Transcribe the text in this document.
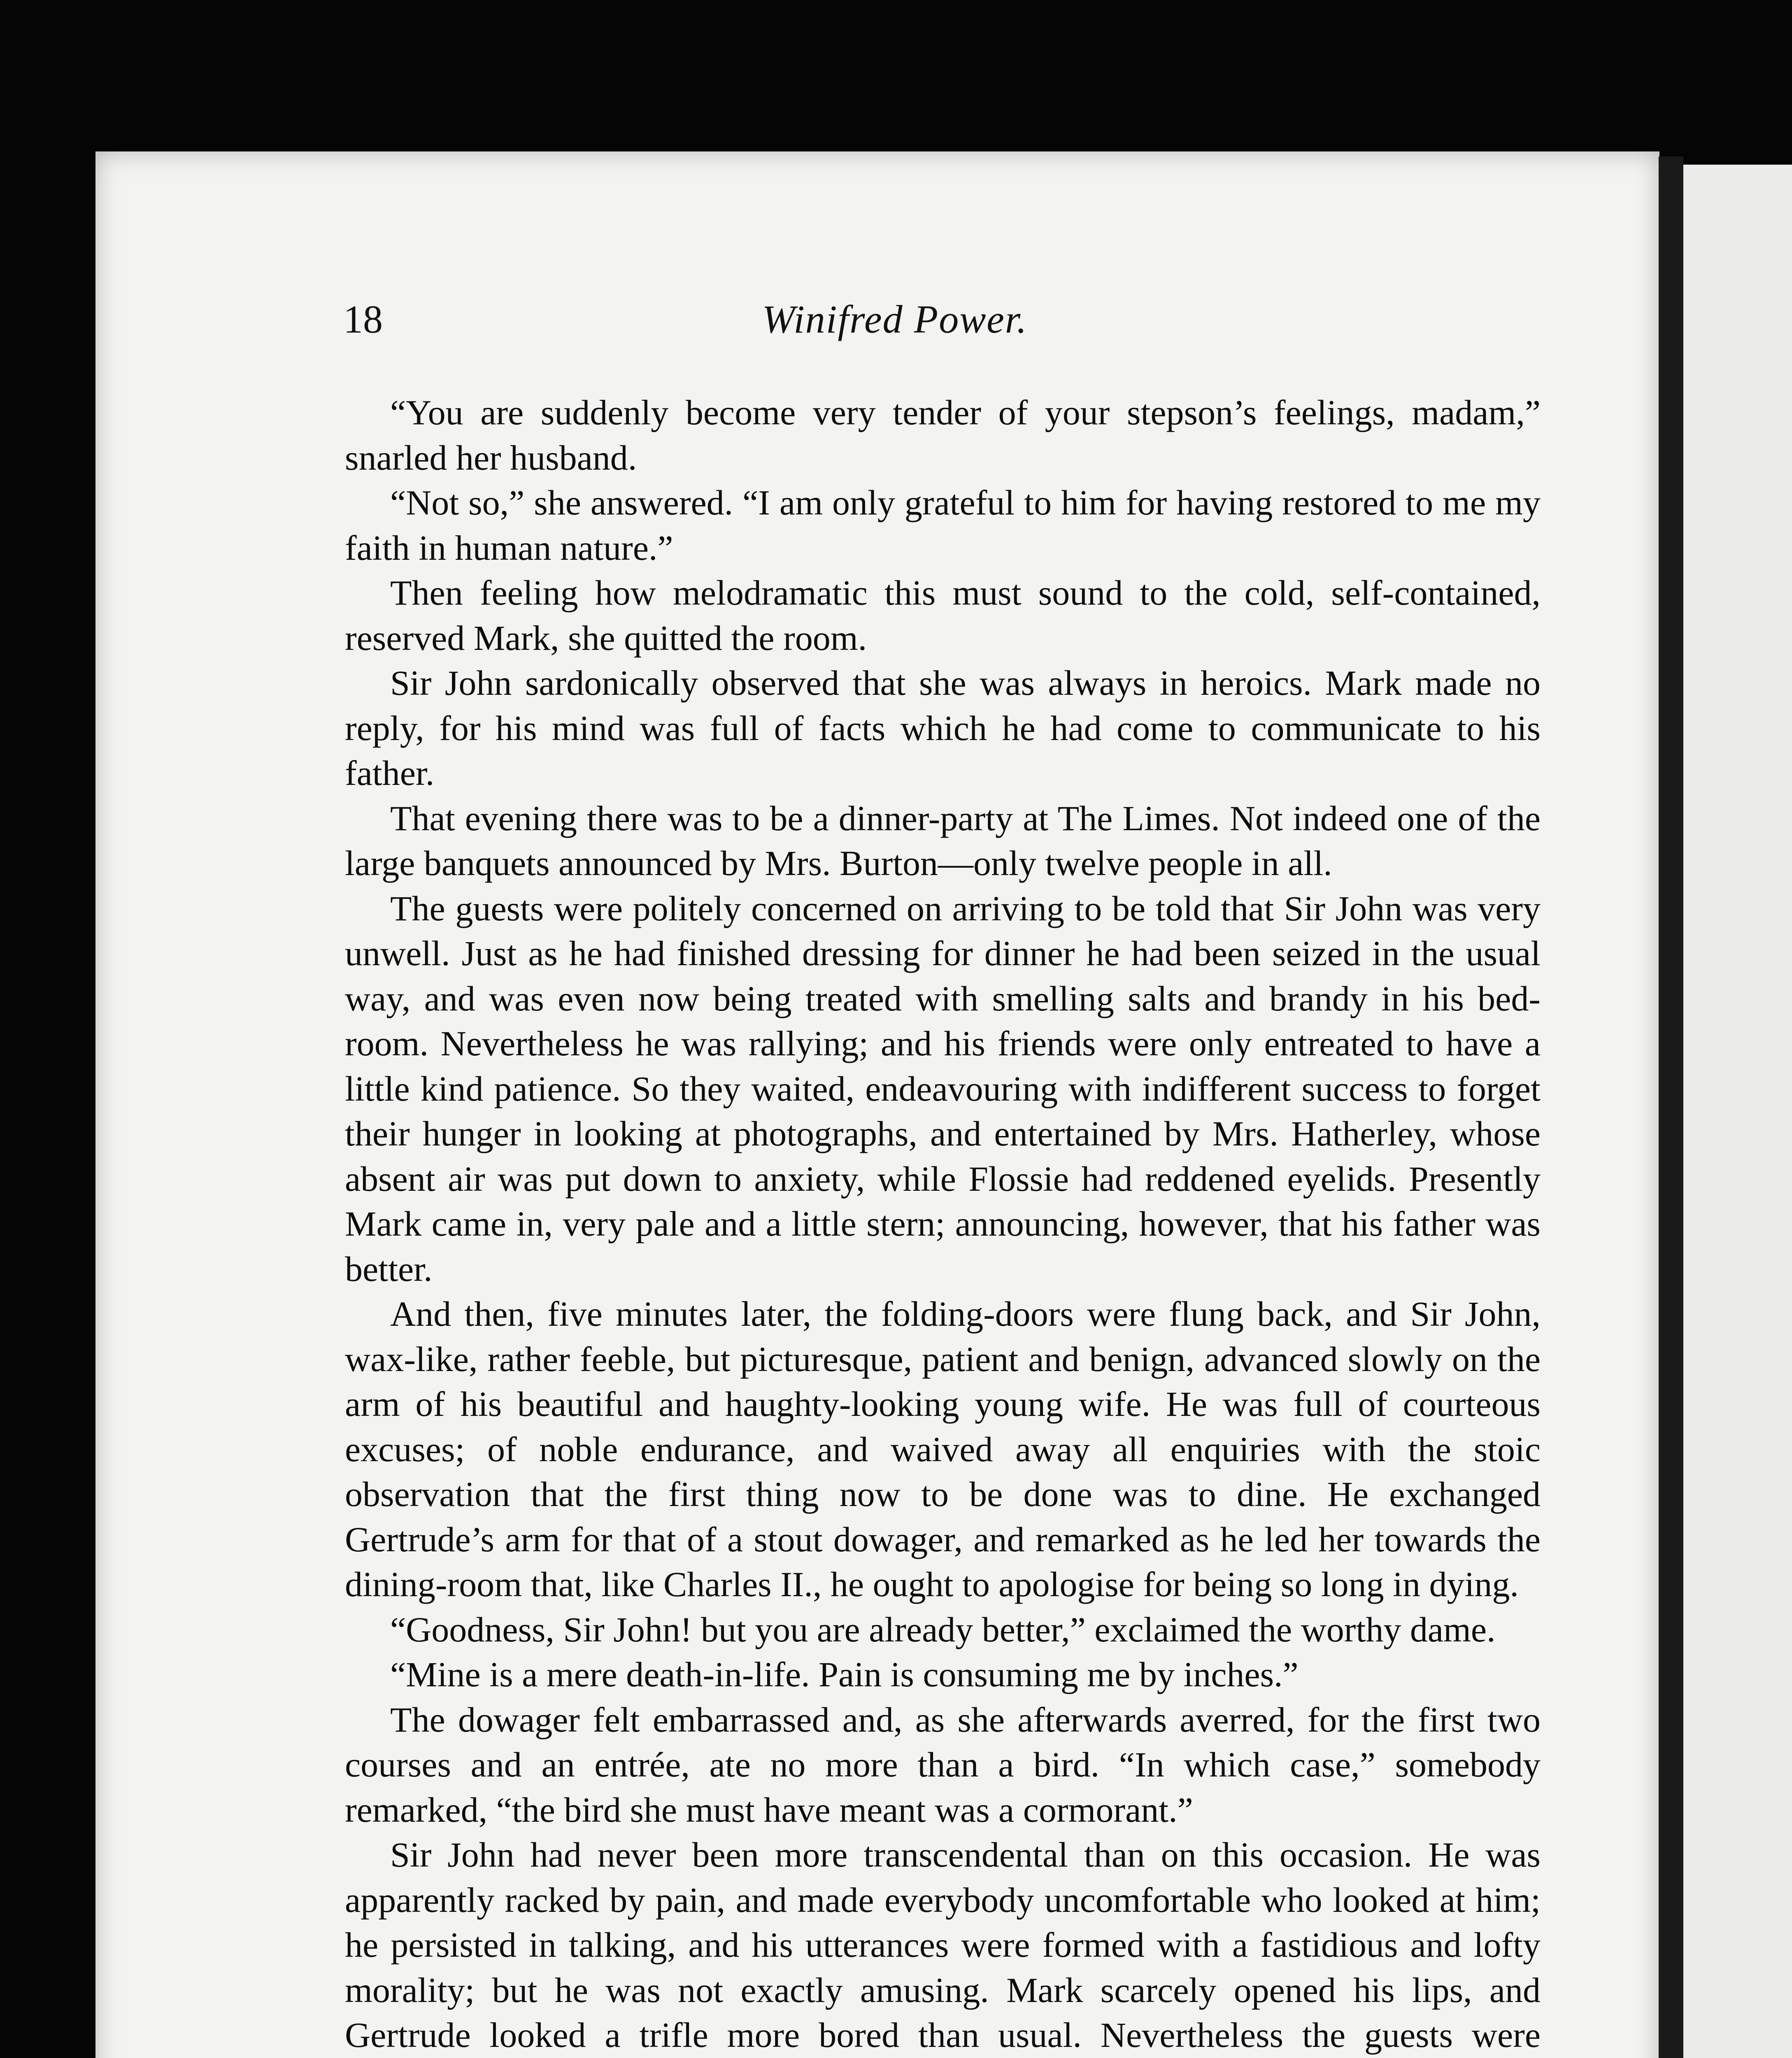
18	Winifred Power.

“You are suddenly become very tender of your stepson’s feelings, madam,” snarled her husband.

“Not so,” she answered. “I am only grateful to him for having restored to me my faith in human nature.”

Then feeling how melodramatic this must sound to the cold, self-contained, reserved Mark, she quitted the room.

Sir John sardonically observed that she was always in heroics. Mark made no reply, for his mind was full of facts which he had come to communicate to his father.

That evening there was to be a dinner-party at The Limes. Not indeed one of the large banquets announced by Mrs. Burton—only twelve people in all.

The guests were politely concerned on arriving to be told that Sir John was very unwell. Just as he had finished dressing for dinner he had been seized in the usual way, and was even now being treated with smelling salts and brandy in his bed-room. Nevertheless he was rallying; and his friends were only entreated to have a little kind patience. So they waited, endeavouring with indifferent success to forget their hunger in looking at photographs, and entertained by Mrs. Hatherley, whose absent air was put down to anxiety, while Flossie had reddened eyelids. Presently Mark came in, very pale and a little stern; announcing, however, that his father was better.

And then, five minutes later, the folding-doors were flung back, and Sir John, wax-like, rather feeble, but picturesque, patient and benign, advanced slowly on the arm of his beautiful and haughty-looking young wife. He was full of courteous excuses; of noble endurance, and waived away all enquiries with the stoic observation that the first thing now to be done was to dine. He exchanged Gertrude’s arm for that of a stout dowager, and remarked as he led her towards the dining-room that, like Charles II., he ought to apologise for being so long in dying.

“Goodness, Sir John! but you are already better,” exclaimed the worthy dame.

“Mine is a mere death-in-life. Pain is consuming me by inches.”

The dowager felt embarrassed and, as she afterwards averred, for the first two courses and an entrée, ate no more than a bird. “In which case,” somebody remarked, “the bird she must have meant was a cormorant.”

Sir John had never been more transcendental than on this occasion. He was apparently racked by pain, and made everybody uncomfortable who looked at him; he persisted in talking, and his utterances were formed with a fastidious and lofty morality; but he was not exactly amusing. Mark scarcely opened his lips, and Gertrude looked a trifle more bored than usual. Nevertheless the guests were
